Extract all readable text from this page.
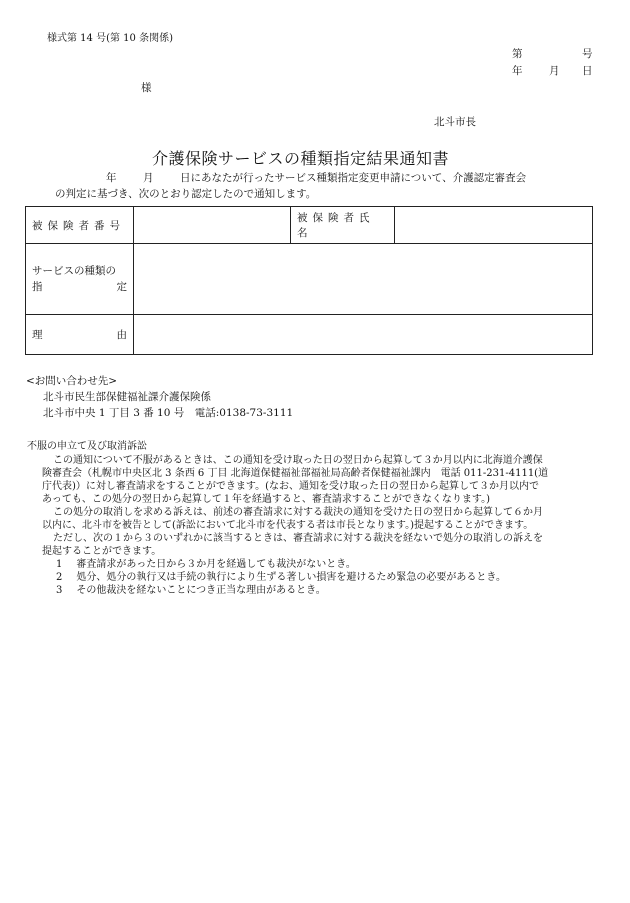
様式第 14 号(第 10 条関係)
第	号
年	月 日
様
北斗市長
介護保険サービスの種類指定結果通知書
年	月	日にあなたが行ったサービス種類指定変更申請について、介護認定審査会
の判定に基づき、次のとおり認定したので通知します。
被保険者番号		被保険者氏名	

サービスの種類の
指 定			

理 由			

<お問い合わせ先>
北斗市民生部保健福祉課介護保険係
北斗市中央 1 丁目 3 番 10 号　電話:0138-73-3111
不服の申立て及び取消訴訟
この通知について不服があるときは、この通知を受け取った日の翌日から起算して３か月以内に北海道介護保
険審査会（札幌市中央区北 3 条西 6 丁目 北海道保健福祉部福祉局高齢者保健福祉課内　電話 011-231-4111(道
庁代表)）に対し審査請求をすることができます。(なお、通知を受け取った日の翌日から起算して３か月以内で
あっても、この処分の翌日から起算して１年を経過すると、審査請求することができなくなります。)
この処分の取消しを求める訴えは、前述の審査請求に対する裁決の通知を受けた日の翌日から起算して６か月
以内に、北斗市を被告として(訴訟において北斗市を代表する者は市長となります。)提起することができます。
ただし、次の１から３のいずれかに該当するときは、審査請求に対する裁決を経ないで処分の取消しの訴えを
提起することができます。
1 審査請求があった日から３か月を経過しても裁決がないとき。
2 処分、処分の執行又は手続の執行により生ずる著しい損害を避けるため緊急の必要があるとき。
3 その他裁決を経ないことにつき正当な理由があるとき。
